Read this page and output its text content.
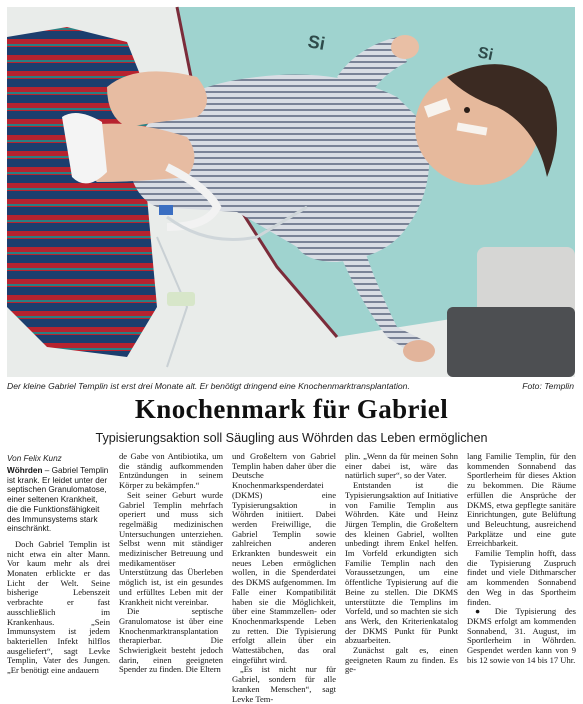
Si
Si
Der kleine Gabriel Templin ist erst drei Monate alt. Er benötigt dringend eine Knochenmarktransplantation.	Foto: Templin
Knochenmark für Gabriel
Typisierungsaktion soll Säugling aus Wöhrden das Leben ermöglichen
Von Felix Kunz

Wöhrden – Gabriel Templin ist krank. Er leidet unter der septischen Granulomatose, einer seltenen Krankheit, die die Funktionsfähigkeit des Immunsystems stark einschränkt.

Doch Gabriel Templin ist nicht etwa ein alter Mann. Vor kaum mehr als drei Monaten erblickte er das Licht der Welt. Seine bisherige Lebenszeit verbrachte er fast ausschließlich im Krankenhaus. „Sein Immunsystem ist jedem bakteriellen Infekt hilflos ausgeliefert“, sagt Levke Templin, Vater des Jungen. „Er benötigt eine andauern

de Gabe von Antibiotika, um die ständig aufkommenden Entzündungen in seinem Körper zu bekämpfen.“

Seit seiner Geburt wurde Gabriel Templin mehrfach operiert und muss sich regelmäßig medizinischen Untersuchungen unterziehen. Selbst wenn mit ständiger medizinischer Betreuung und medikamentöser Unterstützung das Überleben möglich ist, ist ein gesundes und erfülltes Leben mit der Krankheit nicht vereinbar.

Die septische Granulomatose ist über eine Knochenmarktransplantation therapierbar. Die Schwierigkeit besteht jedoch darin, einen geeigneten Spender zu finden. Die Eltern

und Großeltern von Gabriel Templin haben daher über die Deutsche Knochenmarkspenderdatei (DKMS) eine Typisierungsaktion in Wöhrden initiiert. Dabei werden Freiwillige, die Gabriel Templin sowie zahlreichen anderen Erkrankten bundesweit ein neues Leben ermöglichen wollen, in die Spenderdatei des DKMS aufgenommen. Im Falle einer Kompatibilität haben sie die Möglichkeit, über eine Stammzellen- oder Knochenmarkspende Leben zu retten. Die Typisierung erfolgt allein über ein Wattestäbchen, das oral eingeführt wird.

„Es ist nicht nur für Gabriel, sondern für alle kranken Menschen“, sagt Levke Tem-

plin. „Wenn da für meinen Sohn einer dabei ist, wäre das natürlich super“, so der Vater.

Entstanden ist die Typisierungsaktion auf Initiative von Familie Templin aus Wöhrden. Käte und Heinz Jürgen Templin, die Großeltern des kleinen Gabriel, wollten unbedingt ihrem Enkel helfen. Im Vorfeld erkundigten sich Familie Templin nach den Voraussetzungen, um eine öffentliche Typisierung auf die Beine zu stellen. Die DKMS unterstützte die Templins im Vorfeld, und so machten sie sich ans Werk, den Kriterienkatalog der DKMS Punkt für Punkt abzuarbeiten.

Zunächst galt es, einen geeigneten Raum zu finden. Es ge-

lang Familie Templin, für den kommenden Sonnabend das Sportlerheim für dieses Aktion zu bekommen. Die Räume erfüllen die Ansprüche der DKMS, etwa gepflegte sanitäre Einrichtungen, gute Belüftung und Beleuchtung, ausreichend Parkplätze und eine gute Erreichbarkeit.

Familie Templin hofft, dass die Typisierung Zuspruch findet und viele Dithmarscher am kommenden Sonnabend den Weg in das Sportheim finden.

● Die Typisierung des DKMS erfolgt am kommenden Sonnabend, 31. August, im Sportlerheim in Wöhrden. Gespendet werden kann von 9 bis 12 sowie von 14 bis 17 Uhr.
